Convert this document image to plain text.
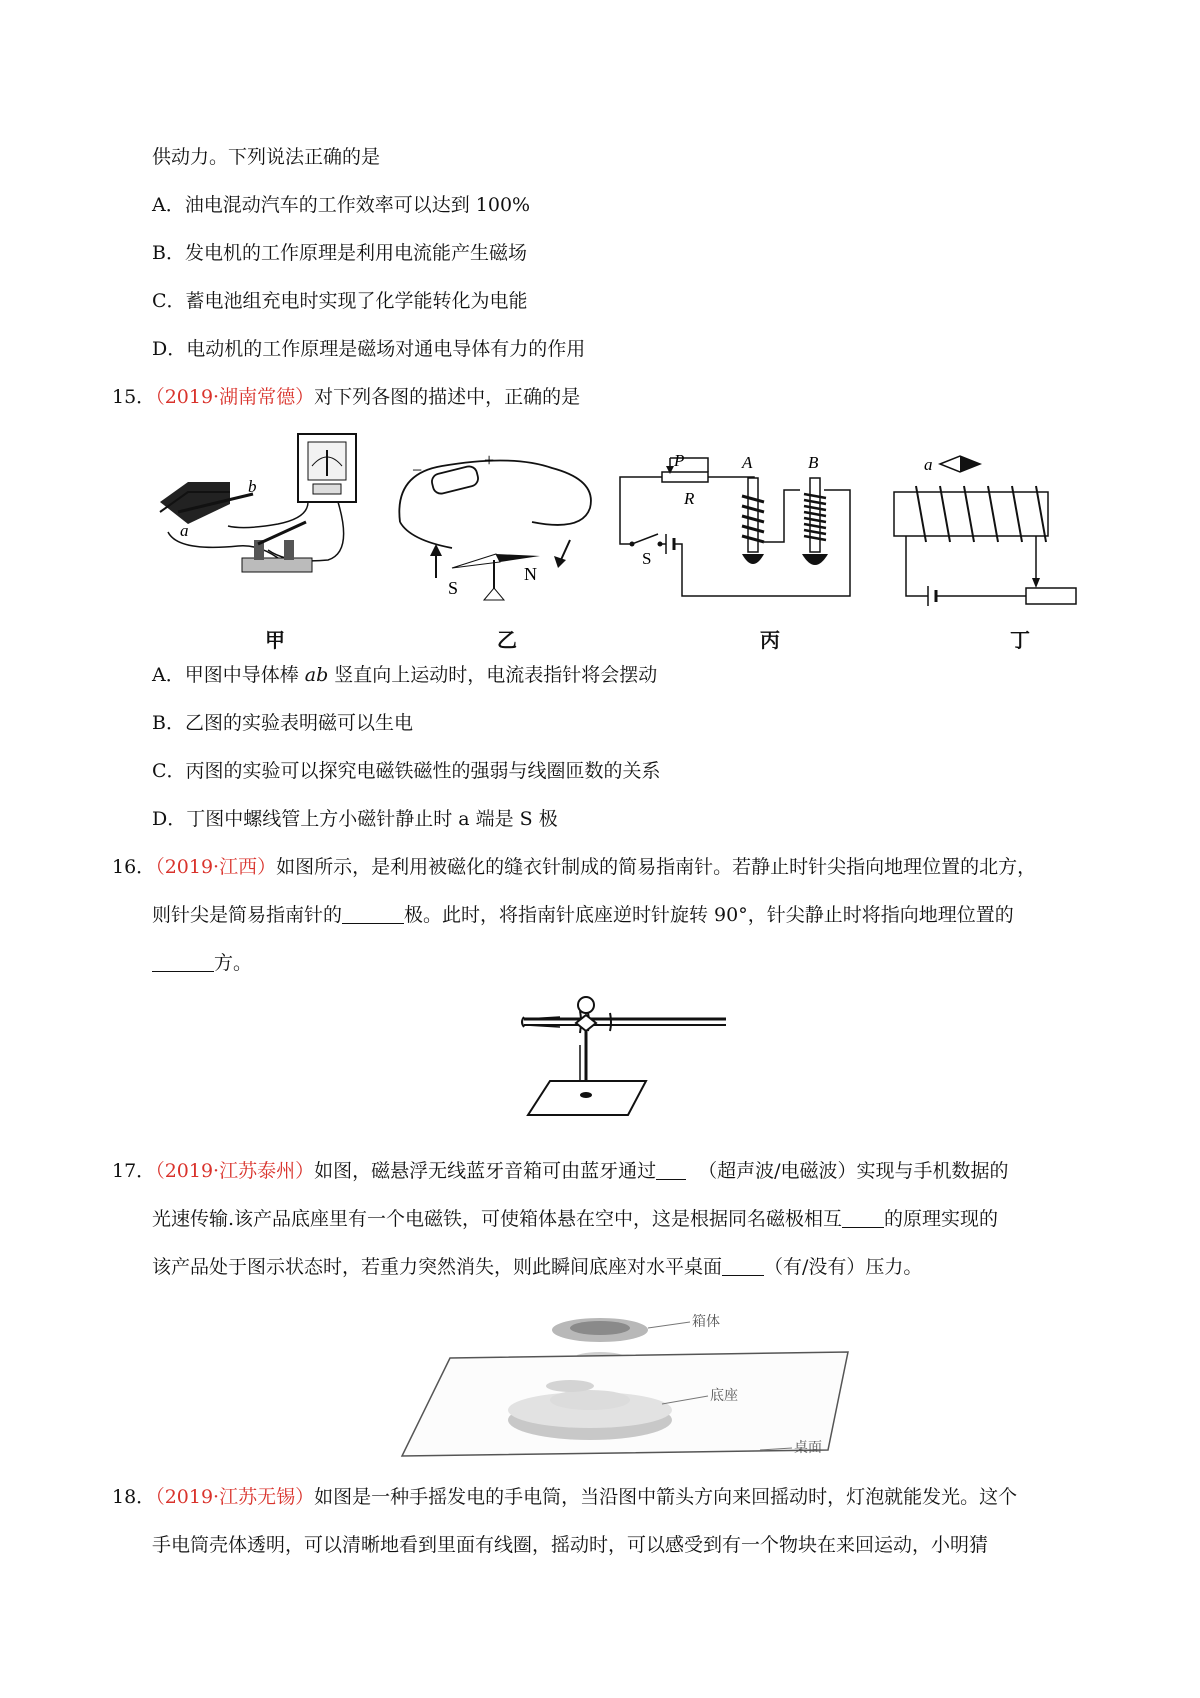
供动力。下列说法正确的是
A．油电混动汽车的工作效率可以达到 100%
B．发电机的工作原理是利用电流能产生磁场
C．蓄电池组充电时实现了化学能转化为电能
D．电动机的工作原理是磁场对通电导体有力的作用
15．（2019·湖南常德）对下列各图的描述中，正确的是
b
a
甲
−	+
S
N
乙
P
R
S
A	B
丙
a
丁
A．甲图中导体棒 ab 竖直向上运动时，电流表指针将会摆动
B．乙图的实验表明磁可以生电
C．丙图的实验可以探究电磁铁磁性的强弱与线圈匝数的关系
D．丁图中螺线管上方小磁针静止时 a 端是 S 极
16．（2019·江西）如图所示，是利用被磁化的缝衣针制成的简易指南针。若静止时针尖指向地理位置的北方，
则针尖是简易指南针的	极。此时，将指南针底座逆时针旋转 90°，针尖静止时将指向地理位置的
方。
17．（2019·江苏泰州）如图，磁悬浮无线蓝牙音箱可由蓝牙通过 （超声波/电磁波）实现与手机数据的
光速传输.该产品底座里有一个电磁铁，可使箱体悬在空中，这是根据同名磁极相互 的原理实现的
该产品处于图示状态时，若重力突然消失，则此瞬间底座对水平桌面 （有/没有）压力。
箱体
底座
桌面
18．（2019·江苏无锡）如图是一种手摇发电的手电筒，当沿图中箭头方向来回摇动时，灯泡就能发光。这个
手电筒壳体透明，可以清晰地看到里面有线圈，摇动时，可以感受到有一个物块在来回运动，小明猜
